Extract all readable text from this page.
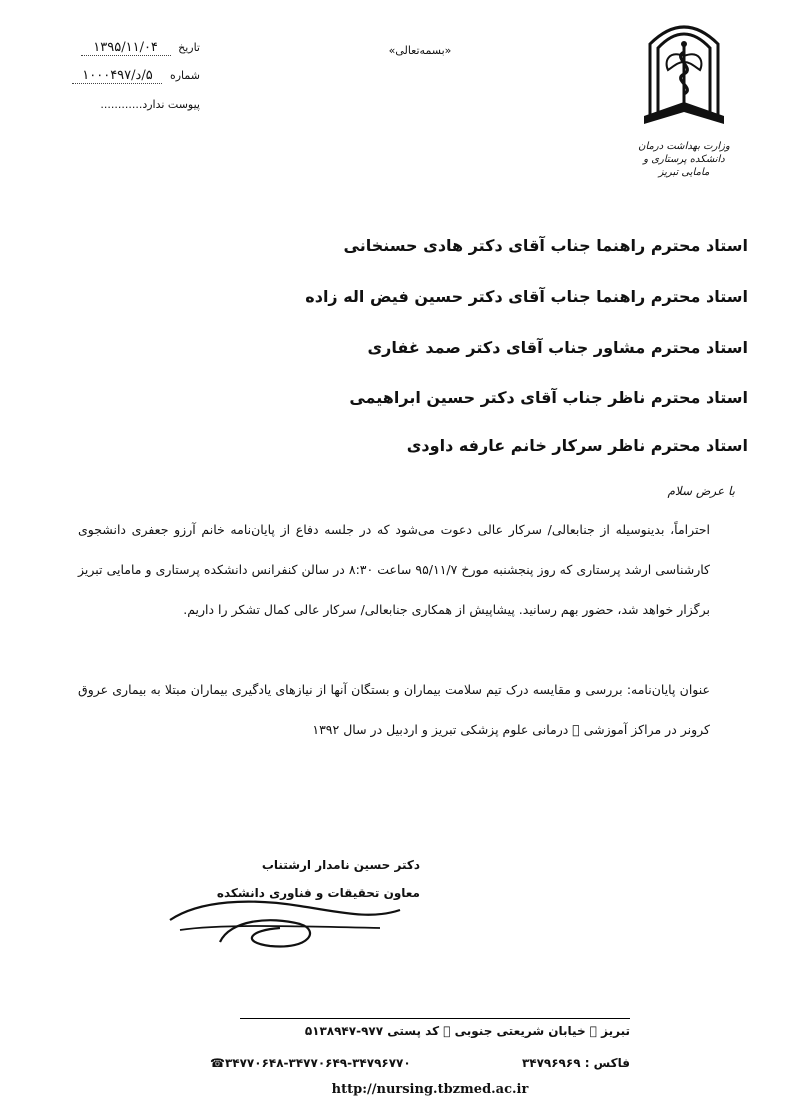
وزارت بهداشت درمان
دانشکده پرستاری و مامایی تبریز
«بسمه‌تعالی»
تاریخ ۱۳۹۵/۱۱/۰۴
شماره ۵/د/۱۰۰۰۴۹۷
پیوست ندارد............
استاد محترم راهنما جناب آقای دکتر هادی حسنخانی
استاد محترم راهنما جناب آقای دکتر حسین فیض اله زاده
استاد محترم مشاور جناب آقای دکتر صمد غفاری
استاد محترم ناظر جناب آقای دکتر حسین ابراهیمی
استاد محترم ناظر سرکار خانم عارفه داودی
با عرض سلام
احتراماً، بدینوسیله از جنابعالی/ سرکار عالی دعوت می‌شود که در جلسه دفاع از پایان‌نامه خانم آرزو جعفری دانشجوی کارشناسی ارشد پرستاری که روز پنجشنبه مورخ ۹۵/۱۱/۷ ساعت ۸:۳۰ در سالن کنفرانس دانشکده پرستاری و مامایی تبریز برگزار خواهد شد، حضور بهم رسانید. پیشاپیش از همکاری جنابعالی/ سرکار عالی کمال تشکر را داریم.
عنوان پایان‌نامه: بررسی و مقایسه درک تیم سلامت بیماران و بستگان آنها از نیازهای یادگیری بیماران مبتلا به بیماری عروق کرونر در مراکز آموزشی   درمانی علوم پزشکی تبریز و اردبیل در سال ۱۳۹۲
دکتر حسین نامدار ارشتناب
معاون تحقیقات و فناوری دانشکده
تبریز   خیابان شریعتی جنوبی   کد پستی ۹۷۷-۵۱۳۸۹۴۷
فاکس : ۳۴۷۹۶۹۶۹
☎۳۴۷۷۰۶۴۸-۳۴۷۷۰۶۴۹-۳۴۷۹۶۷۷۰
http://nursing.tbzmed.ac.ir
